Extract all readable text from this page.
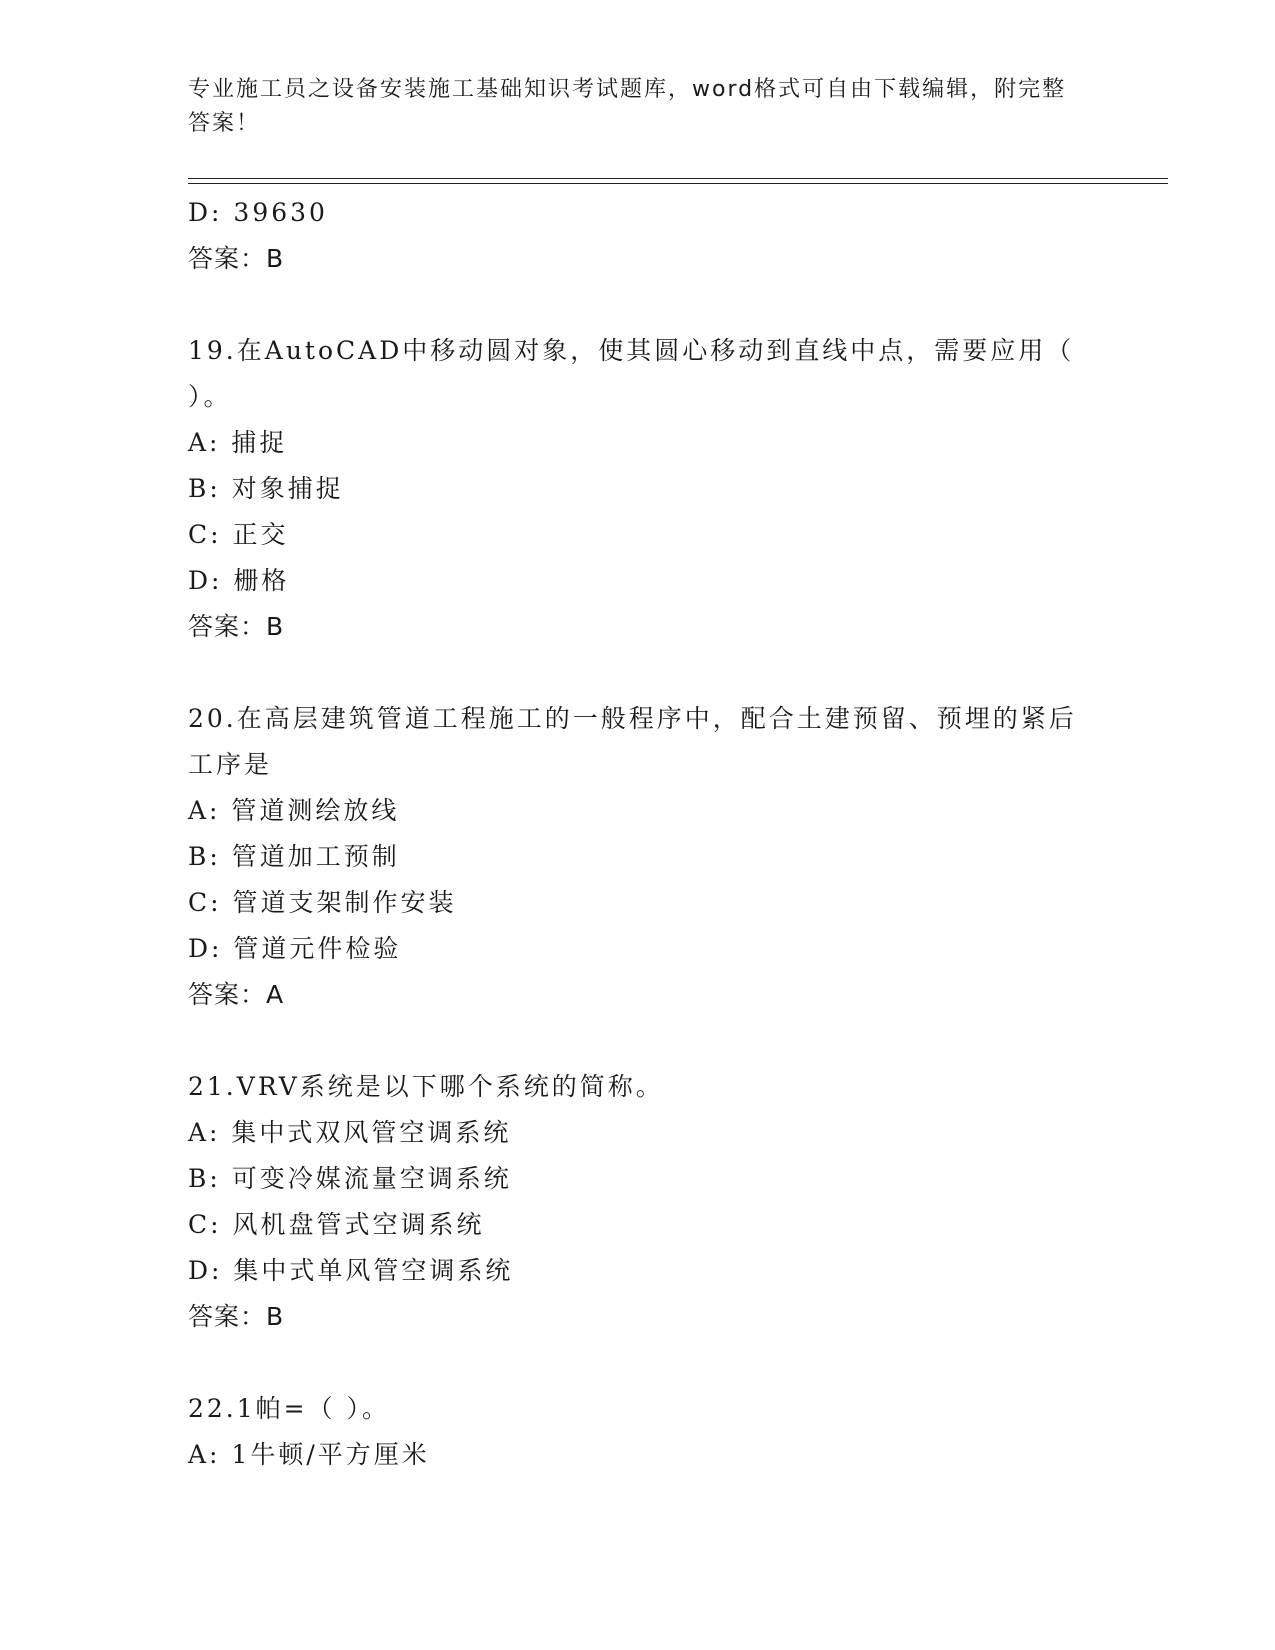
专业施工员之设备安装施工基础知识考试题库，word格式可自由下载编辑，附完整答案！
D: 39630
答案：B
19.在AutoCAD中移动圆对象，使其圆心移动到直线中点，需要应用（ ）。
A: 捕捉
B: 对象捕捉
C: 正交
D: 栅格
答案：B
20.在高层建筑管道工程施工的一般程序中，配合土建预留、预埋的紧后工序是
A: 管道测绘放线
B: 管道加工预制
C: 管道支架制作安装
D: 管道元件检验
答案：A
21.VRV系统是以下哪个系统的简称。
A: 集中式双风管空调系统
B: 可变冷媒流量空调系统
C: 风机盘管式空调系统
D: 集中式单风管空调系统
答案：B
22.1帕=（ ）。
A: 1牛顿/平方厘米
